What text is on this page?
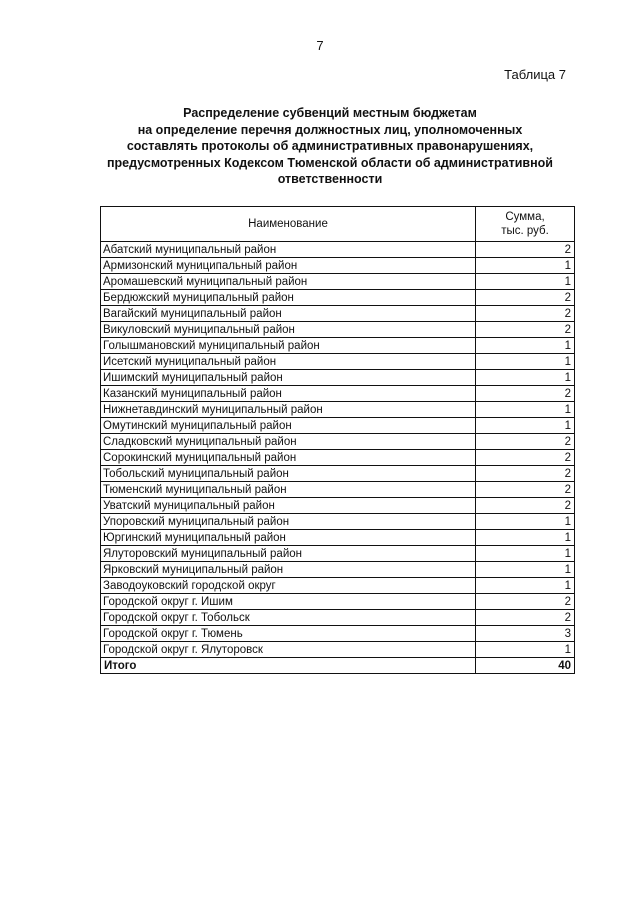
7
Таблица 7
Распределение субвенций местным бюджетам
на определение перечня должностных лиц, уполномоченных
составлять протоколы об административных правонарушениях,
предусмотренных Кодексом Тюменской области об административной
ответственности
Наименование	Сумма,
тыс. руб.

Абатский муниципальный район	2
Армизонский муниципальный район	1
Аромашевский муниципальный район	1
Бердюжский муниципальный район	2
Вагайский муниципальный район	2
Викуловский муниципальный район	2
Голышмановский муниципальный район	1
Исетский муниципальный район	1
Ишимский муниципальный район	1
Казанский муниципальный район	2
Нижнетавдинский муниципальный район	1
Омутинский муниципальный район	1
Сладковский муниципальный район	2
Сорокинский муниципальный район	2
Тобольский муниципальный район	2
Тюменский муниципальный район	2
Уватский муниципальный район	2
Упоровский муниципальный район	1
Юргинский муниципальный район	1
Ялуторовский муниципальный район	1
Ярковский муниципальный район	1
Заводоуковский городской округ	1
Городской округ г. Ишим	2
Городской округ г. Тобольск	2
Городской округ г. Тюмень	3
Городской округ г. Ялуторовск	1
Итого	40
